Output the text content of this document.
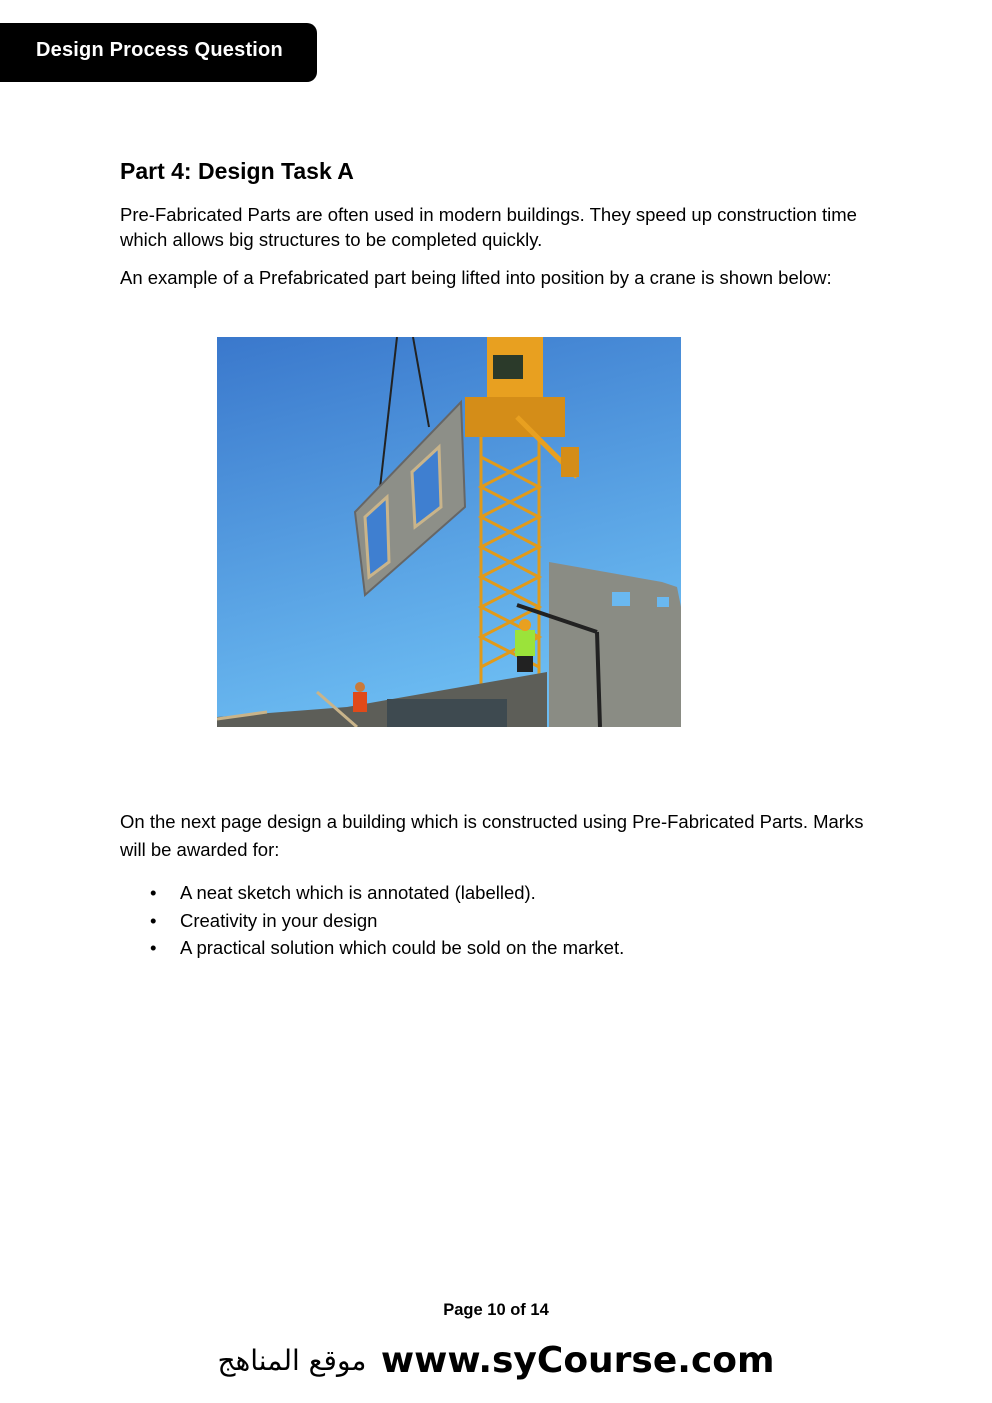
Design Process Question
Part 4: Design Task A

Pre-Fabricated Parts are often used in modern buildings. They speed up construction time which allows big structures to be completed quickly.

An example of a Prefabricated part being lifted into position by a crane is shown below:

On the next page design a building which is constructed using Pre-Fabricated Parts. Marks will be awarded for:

• A neat sketch which is annotated (labelled).
• Creativity in your design
• A practical solution which could be sold on the market.
Page 10 of 14
موقع المناهج www.syCourse.com
